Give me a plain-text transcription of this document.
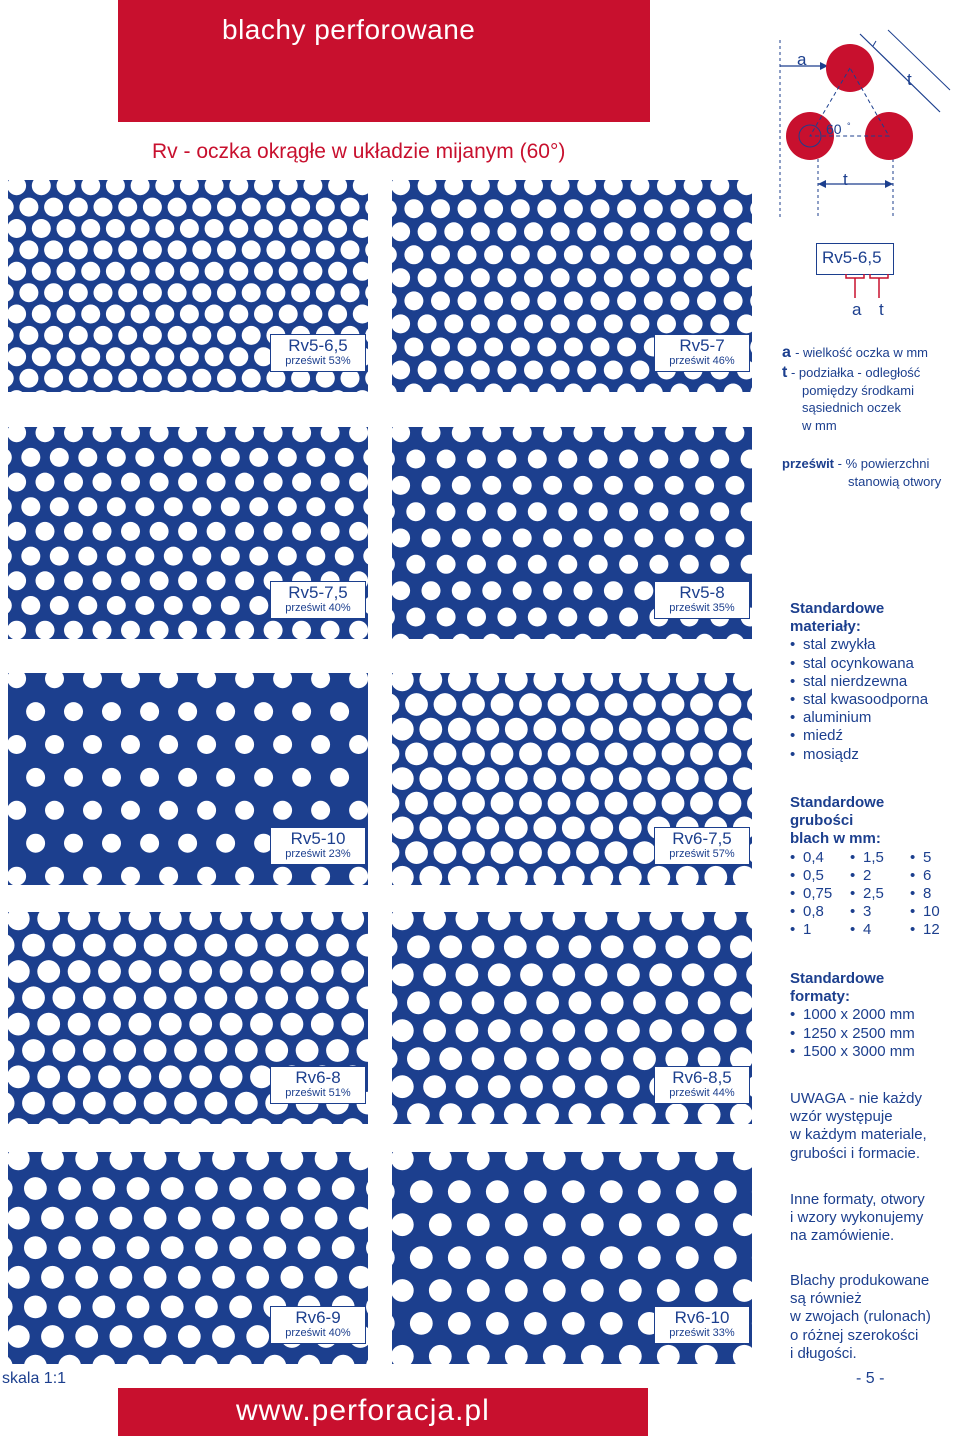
blachy perforowane
Rv - oczka okrągłe w układzie mijanym (60°)
a
t
60 °
t
Rv5-6,5
a t
a - wielkość oczka w mm
t - podziałka - odległość
pomiędzy środkami
sąsiednich oczek
w mm
prześwit - % powierzchni
stanowią otwory
Rv5-6,5
prześwit 53%
Rv5-7
prześwit 46%
Rv5-7,5
prześwit 40%
Rv5-8
prześwit 35%
Rv5-10
prześwit 23%
Rv6-7,5
prześwit 57%
Rv6-8
prześwit 51%
Rv6-8,5
prześwit 44%
Rv6-9
prześwit 40%
Rv6-10
prześwit 33%
Standardowe
materiały:
• stal zwykła
• stal ocynkowana
• stal nierdzewna
• stal kwasoodporna
• aluminium
• miedź
• mosiądz
Standardowe
grubości
blach w mm:
• 0,4
• 0,5
• 0,75
• 0,8
• 1
• 1,5
• 2
• 2,5
• 3
• 4
• 5
• 6
• 8
• 10
• 12
Standardowe
formaty:
• 1000 x 2000 mm
• 1250 x 2500 mm
• 1500 x 3000 mm
UWAGA - nie każdy
wzór występuje
w każdym materiale,
grubości i formacie.
Inne formaty, otwory
i wzory wykonujemy
na zamówienie.
Blachy produkowane
są również
w zwojach (rulonach)
o różnej szerokości
i długości.
www.perforacja.pl
skala 1:1	- 5 -
